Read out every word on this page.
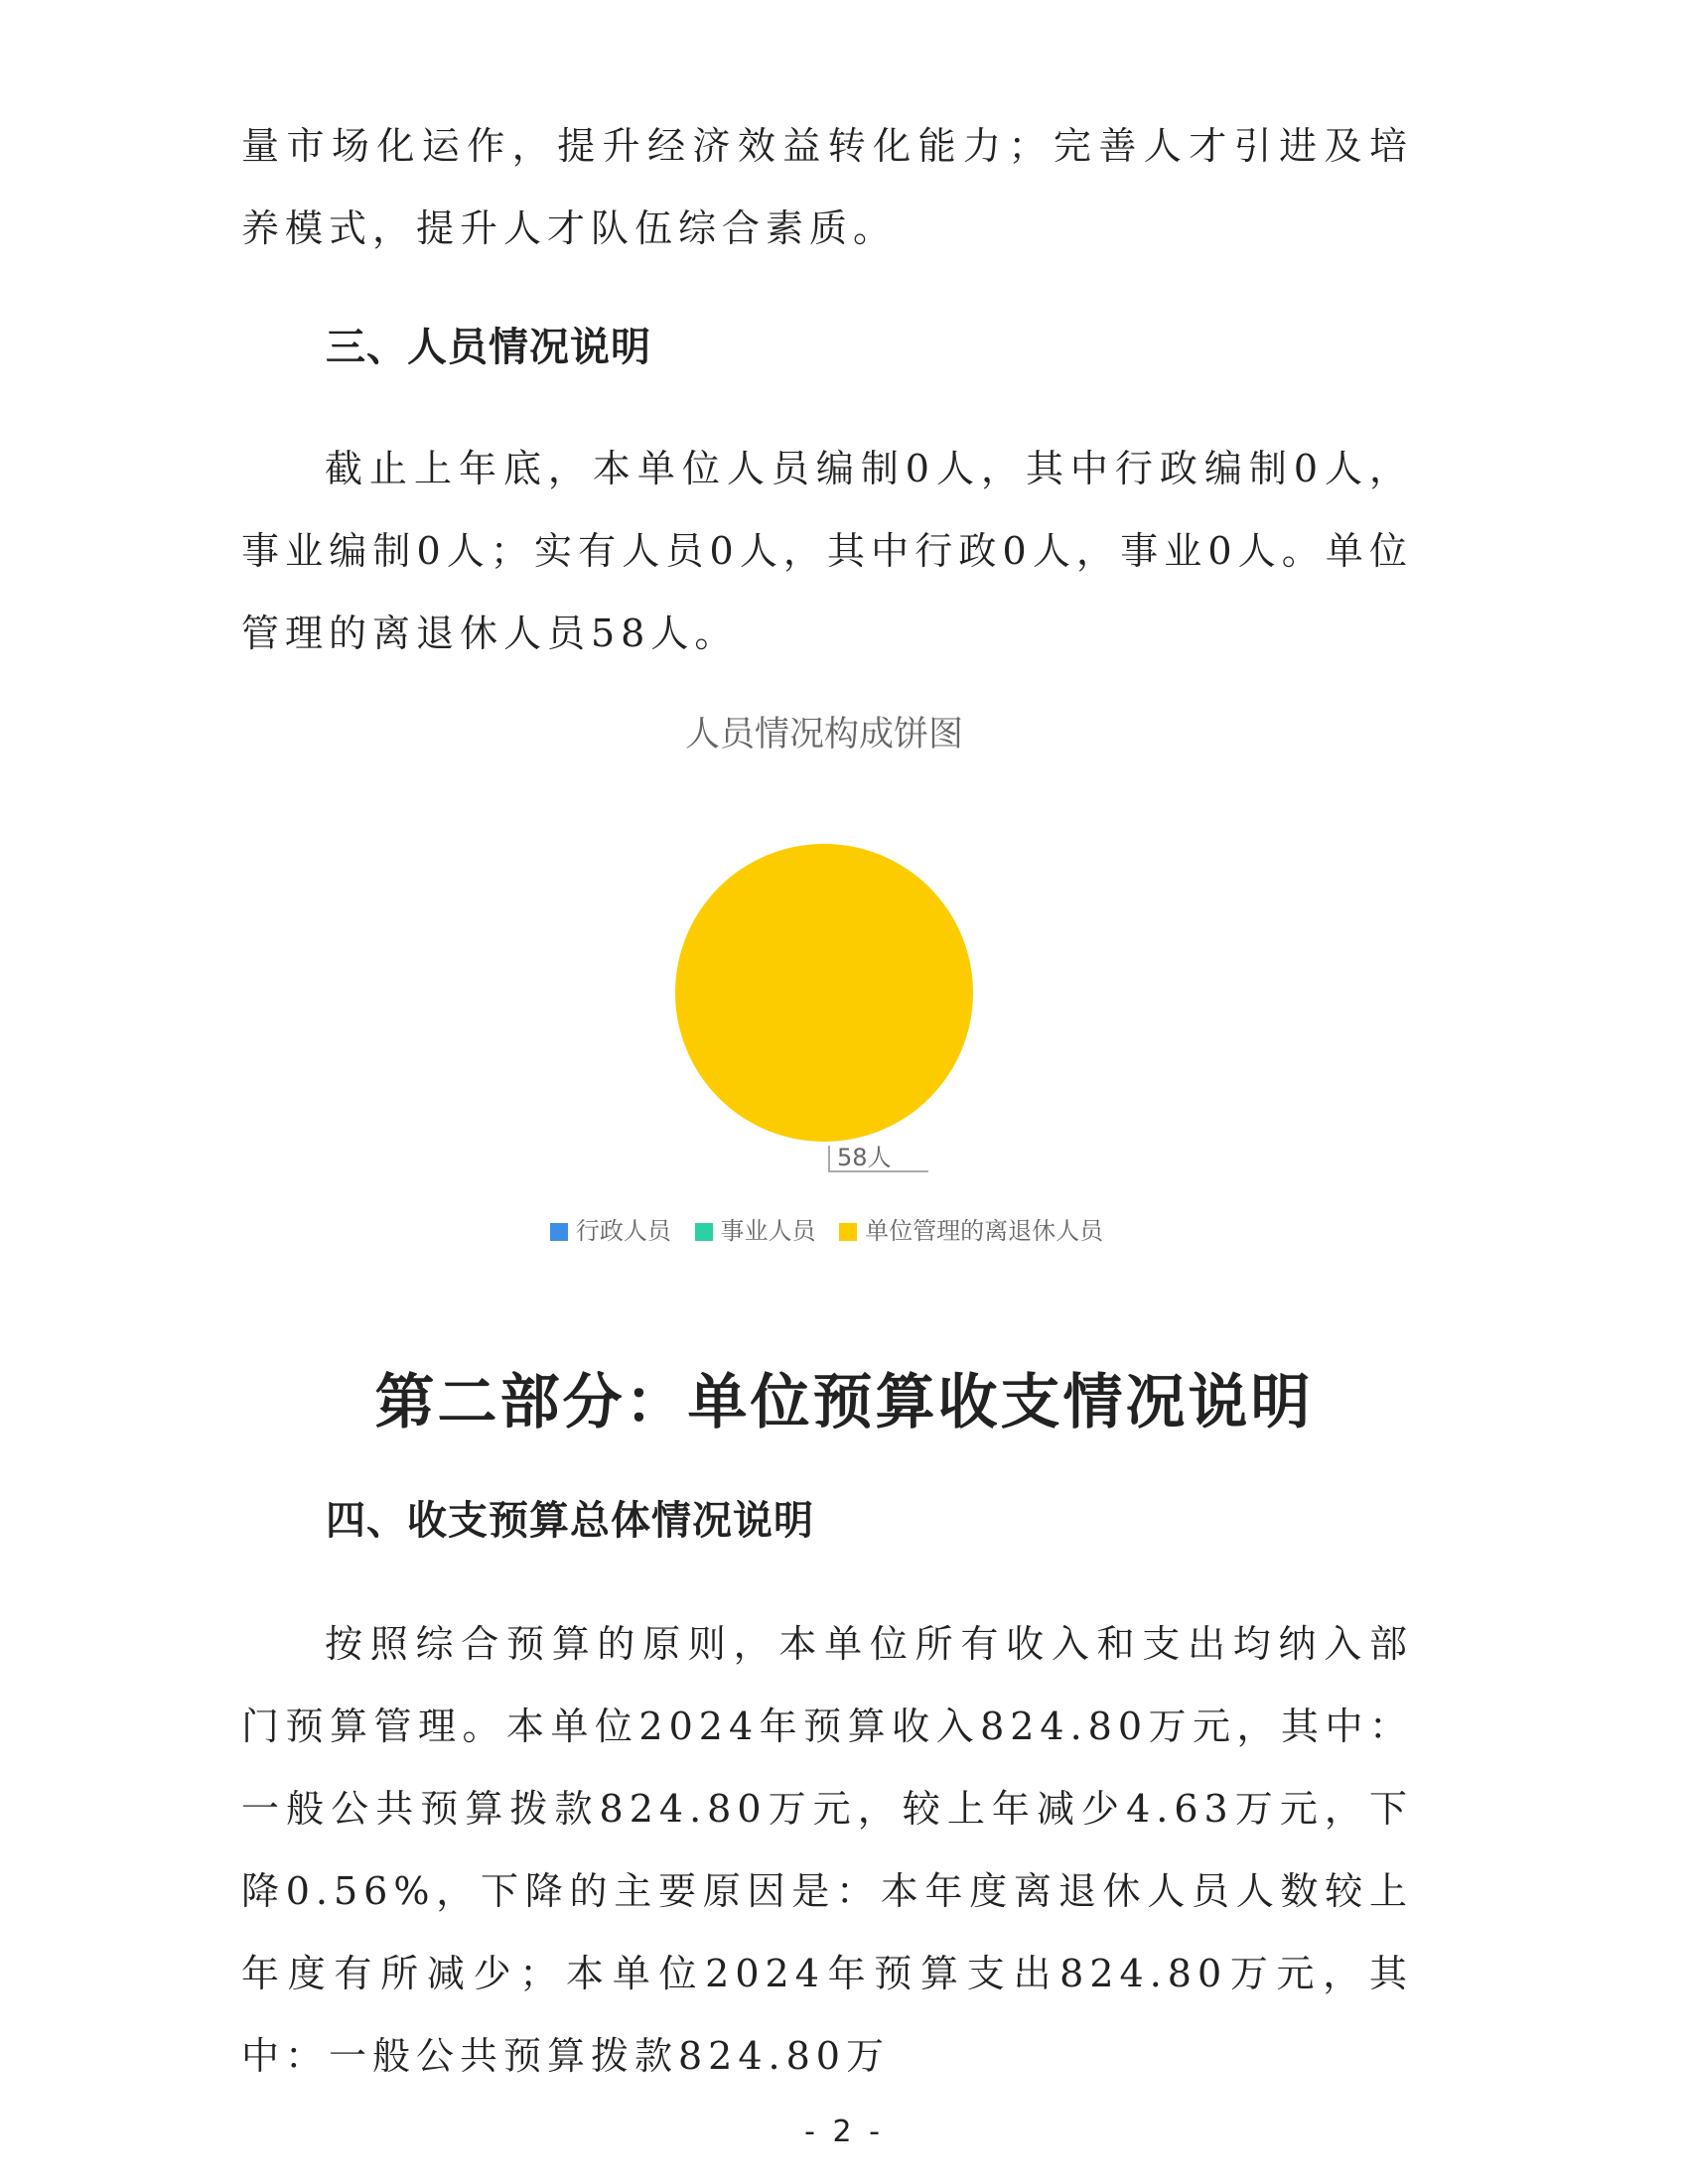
量市场化运作，提升经济效益转化能力；完善人才引进及培养模式，提升人才队伍综合素质。

三、人员情况说明

截止上年底，本单位人员编制0人，其中行政编制0人，事业编制0人；实有人员0人，其中行政0人，事业0人。单位管理的离退休人员58人。

人员情况构成饼图
58人
行政人员 事业人员 单位管理的离退休人员
第二部分：单位预算收支情况说明
四、收支预算总体情况说明

按照综合预算的原则，本单位所有收入和支出均纳入部门预算管理。本单位2024年预算收入824.80万元，其中：一般公共预算拨款824.80万元，较上年减少4.63万元，下降0.56%，下降的主要原因是：本年度离退休人员人数较上年度有所减少；本单位2024年预算支出824.80万元，其中：一般公共预算拨款824.80万

- 2 -
